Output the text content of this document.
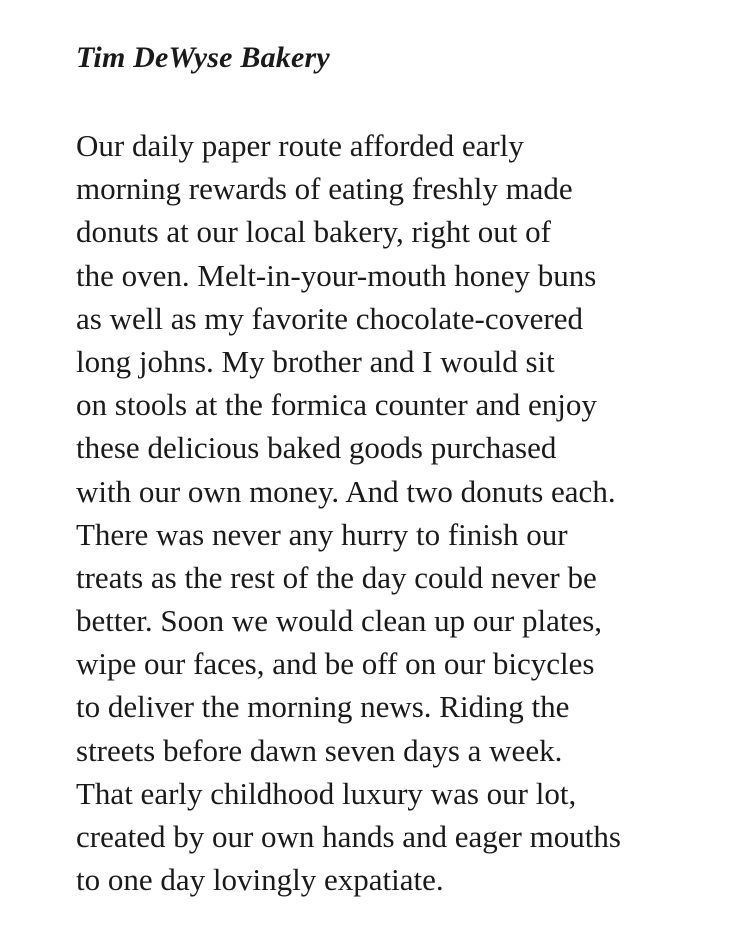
Tim DeWyse Bakery
Our daily paper route afforded early
morning rewards of eating freshly made
donuts at our local bakery, right out of
the oven. Melt-in-your-mouth honey buns
as well as my favorite chocolate-covered
long johns. My brother and I would sit
on stools at the formica counter and enjoy
these delicious baked goods purchased
with our own money. And two donuts each.
There was never any hurry to finish our
treats as the rest of the day could never be
better. Soon we would clean up our plates,
wipe our faces, and be off on our bicycles
to deliver the morning news. Riding the
streets before dawn seven days a week.
That early childhood luxury was our lot,
created by our own hands and eager mouths
to one day lovingly expatiate.
